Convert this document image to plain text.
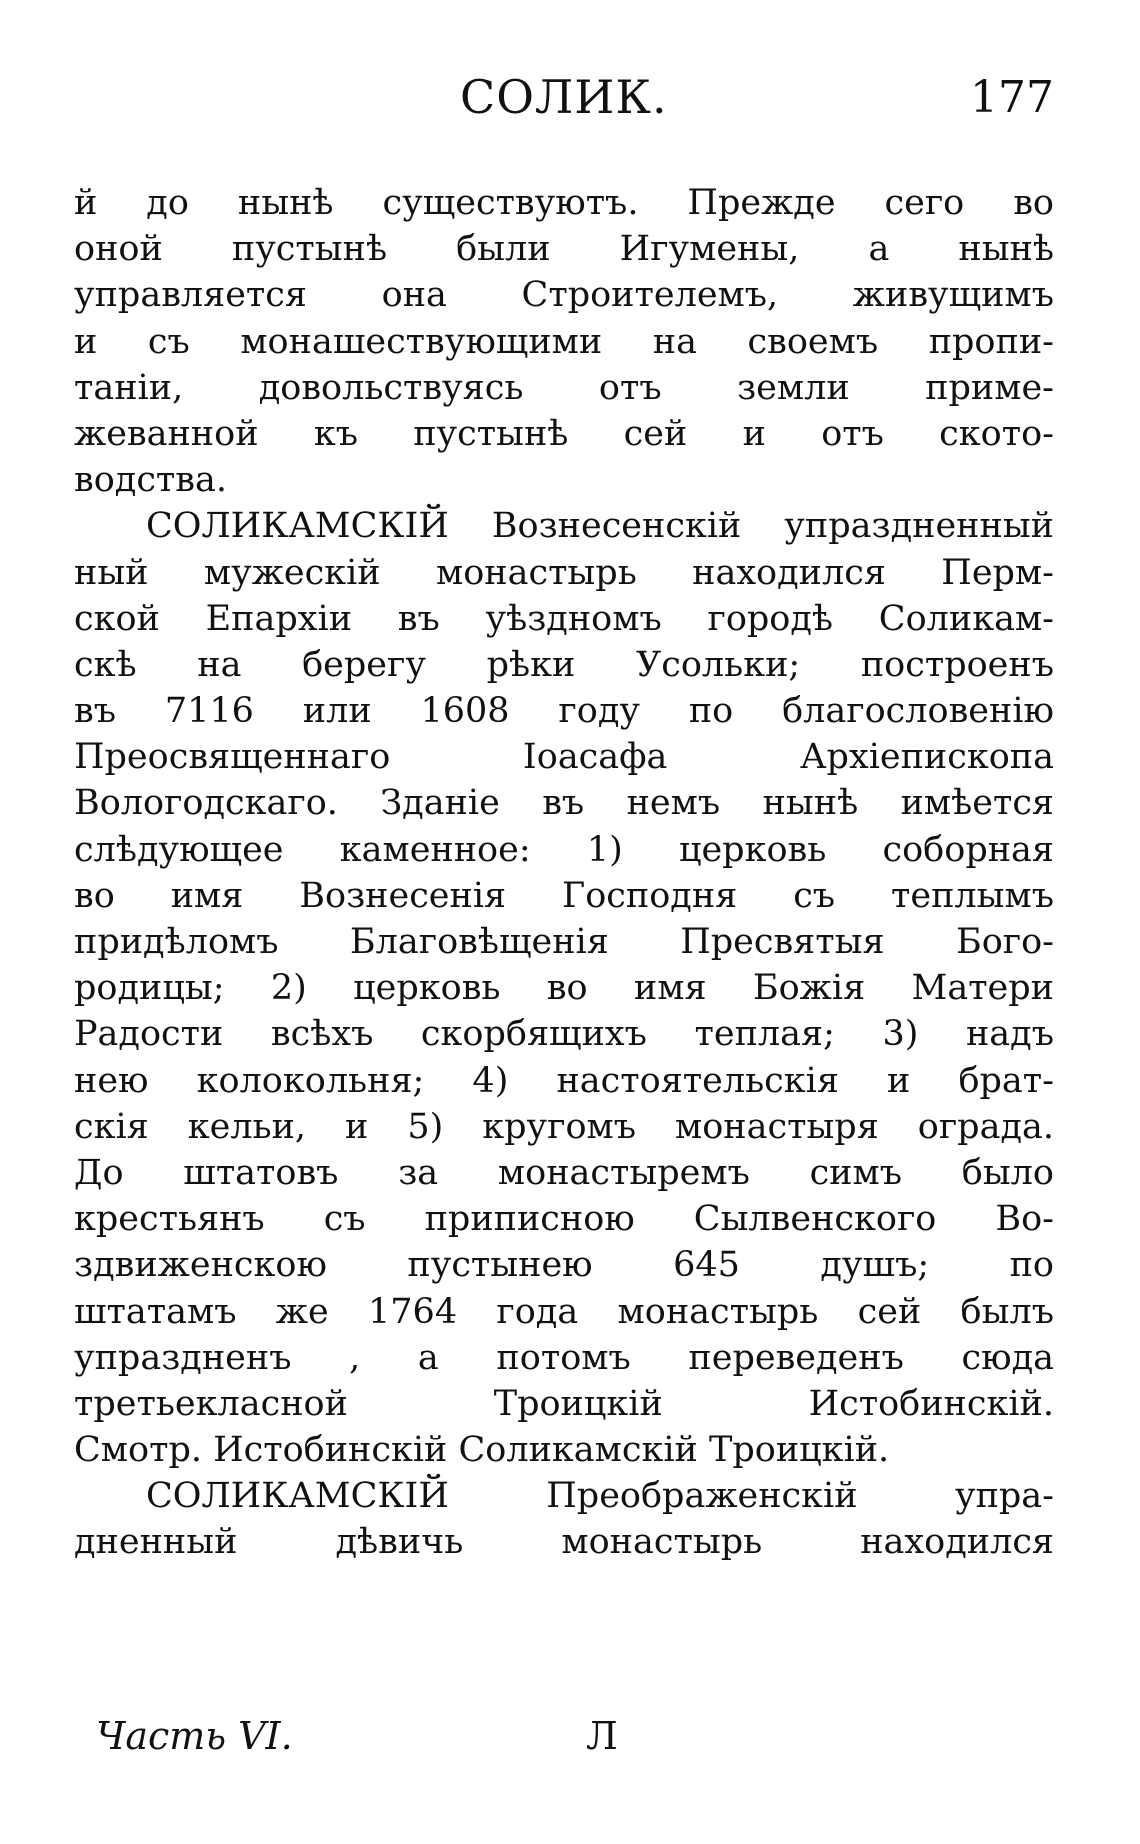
СОЛИК.	177
й до нынѣ существуютъ. Прежде сего во
оной пустынѣ были Игумены, а нынѣ
управляется она Строителемъ, живущимъ
и съ монашествующими на своемъ пропи-
таніи, довольствуясь отъ земли приме-
жеванной къ пустынѣ сей и отъ ското-
водства.
СОЛИКАМСКІЙ Вознесенскій упраздненный
ный мужескій монастырь находился Перм-
ской Епархіи въ уѣздномъ городѣ Соликам-
скѣ на берегу рѣки Усольки; построенъ
въ 7116 или 1608 году по благословенію
Преосвященнаго Іоасафа Архіепископа
Вологодскаго. Зданіе въ немъ нынѣ имѣется
слѣдующее каменное: 1) церковь соборная
во имя Вознесенія Господня съ теплымъ
придѣломъ Благовѣщенія Пресвятыя Бого-
родицы; 2) церковь во имя Божія Матери
Радости всѣхъ скорбящихъ теплая; 3) надъ
нею колокольня; 4) настоятельскія и брат-
скія кельи, и 5) кругомъ монастыря ограда.
До штатовъ за монастыремъ симъ было
крестьянъ съ приписною Сылвенского Во-
здвиженскою пустынею 645 душъ; по
штатамъ же 1764 года монастырь сей былъ
упраздненъ , а потомъ переведенъ сюда
третьекласной Троицкій Истобинскій.
Смотр. Истобинскій Соликамскій Троицкій.
СОЛИКАМСКІЙ Преображенскій упра-
дненный дѣвичь монастырь находился
Часть VI.	Л
